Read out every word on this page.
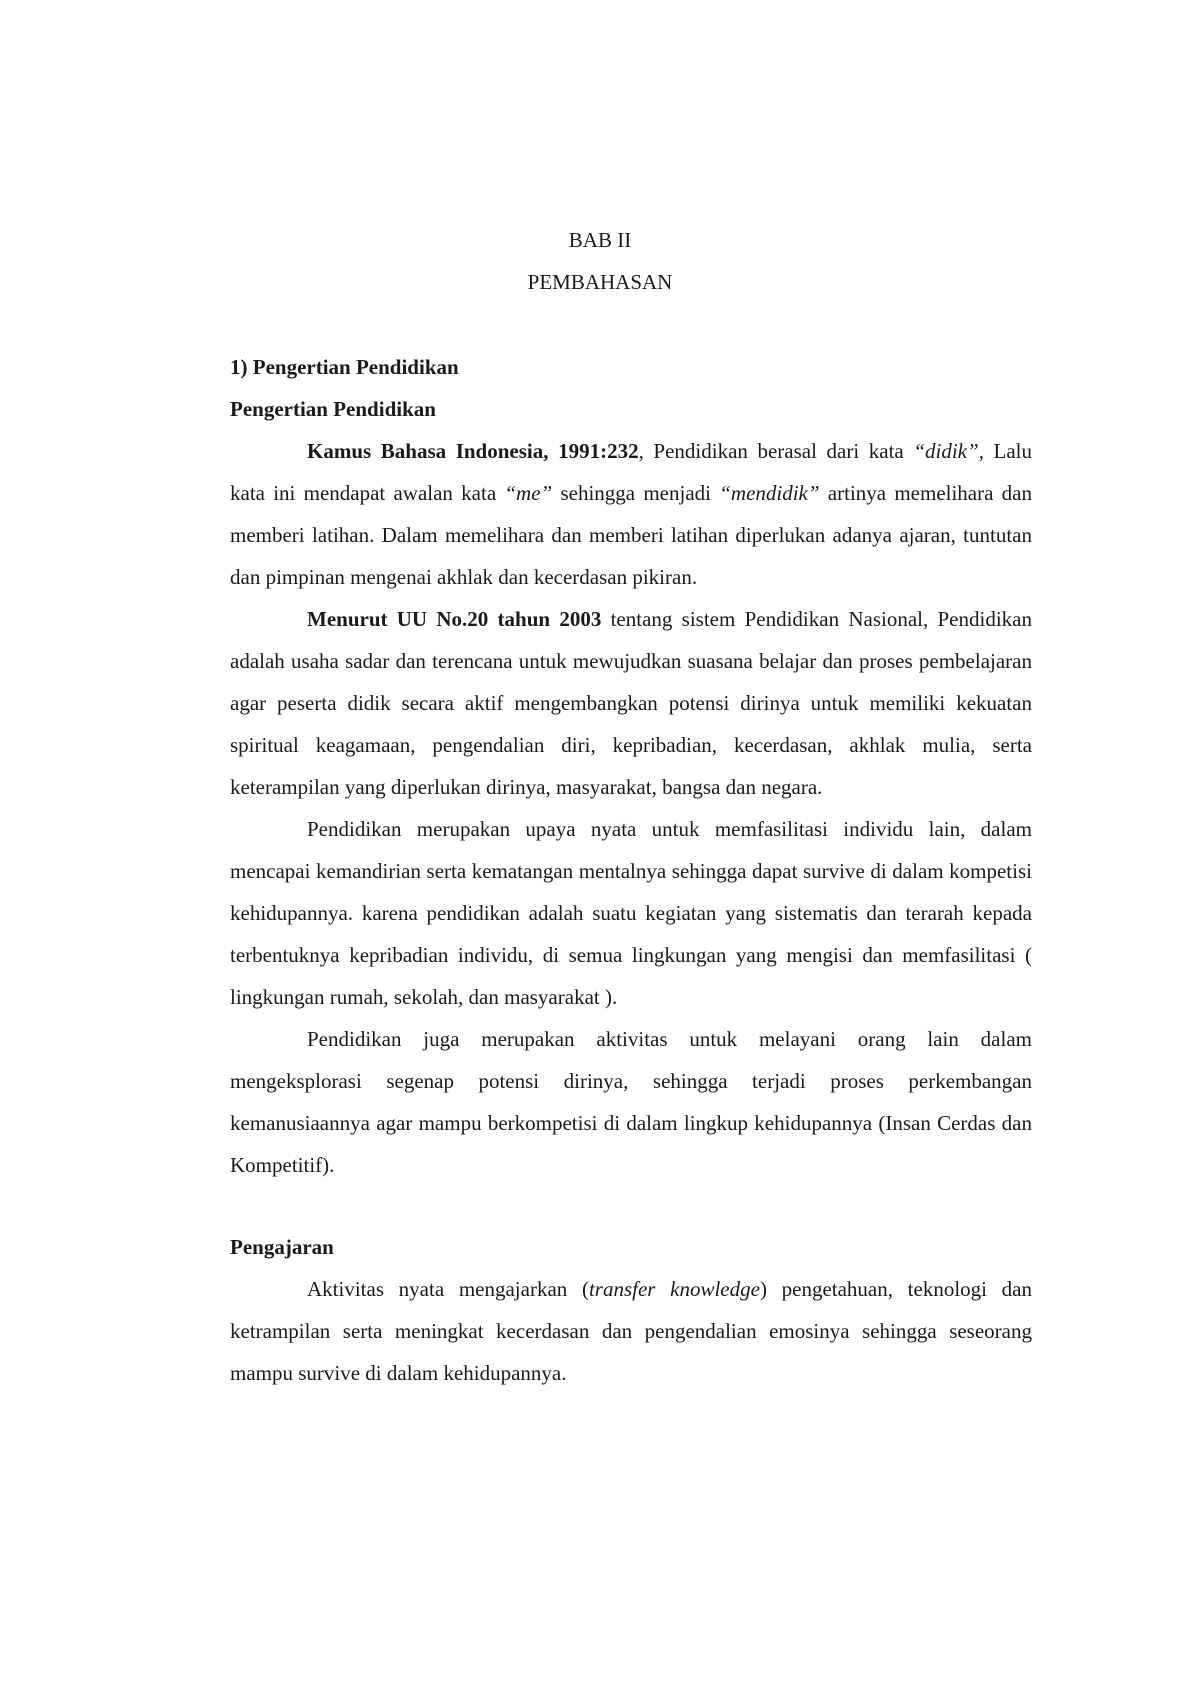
BAB II
PEMBAHASAN
1) Pengertian Pendidikan
Pengertian Pendidikan

Kamus Bahasa Indonesia, 1991:232, Pendidikan berasal dari kata “didik”, Lalu kata ini mendapat awalan kata “me” sehingga menjadi “mendidik” artinya memelihara dan memberi latihan. Dalam memelihara dan memberi latihan diperlukan adanya ajaran, tuntutan dan pimpinan mengenai akhlak dan kecerdasan pikiran.

Menurut UU No.20 tahun 2003 tentang sistem Pendidikan Nasional, Pendidikan adalah usaha sadar dan terencana untuk mewujudkan suasana belajar dan proses pembelajaran agar peserta didik secara aktif mengembangkan potensi dirinya untuk memiliki kekuatan spiritual keagamaan, pengendalian diri, kepribadian, kecerdasan, akhlak mulia, serta keterampilan yang diperlukan dirinya, masyarakat, bangsa dan negara.

Pendidikan merupakan upaya nyata untuk memfasilitasi individu lain, dalam mencapai kemandirian serta kematangan mentalnya sehingga dapat survive di dalam kompetisi kehidupannya. karena pendidikan adalah suatu kegiatan yang sistematis dan terarah kepada terbentuknya kepribadian individu, di semua lingkungan yang mengisi dan memfasilitasi ( lingkungan rumah, sekolah, dan masyarakat ).

Pendidikan juga merupakan aktivitas untuk melayani orang lain dalam mengeksplorasi segenap potensi dirinya, sehingga terjadi proses perkembangan kemanusiaannya agar mampu berkompetisi di dalam lingkup kehidupannya (Insan Cerdas dan Kompetitif).

Pengajaran

Aktivitas nyata mengajarkan (transfer knowledge) pengetahuan, teknologi dan ketrampilan serta meningkat kecerdasan dan pengendalian emosinya sehingga seseorang mampu survive di dalam kehidupannya.
